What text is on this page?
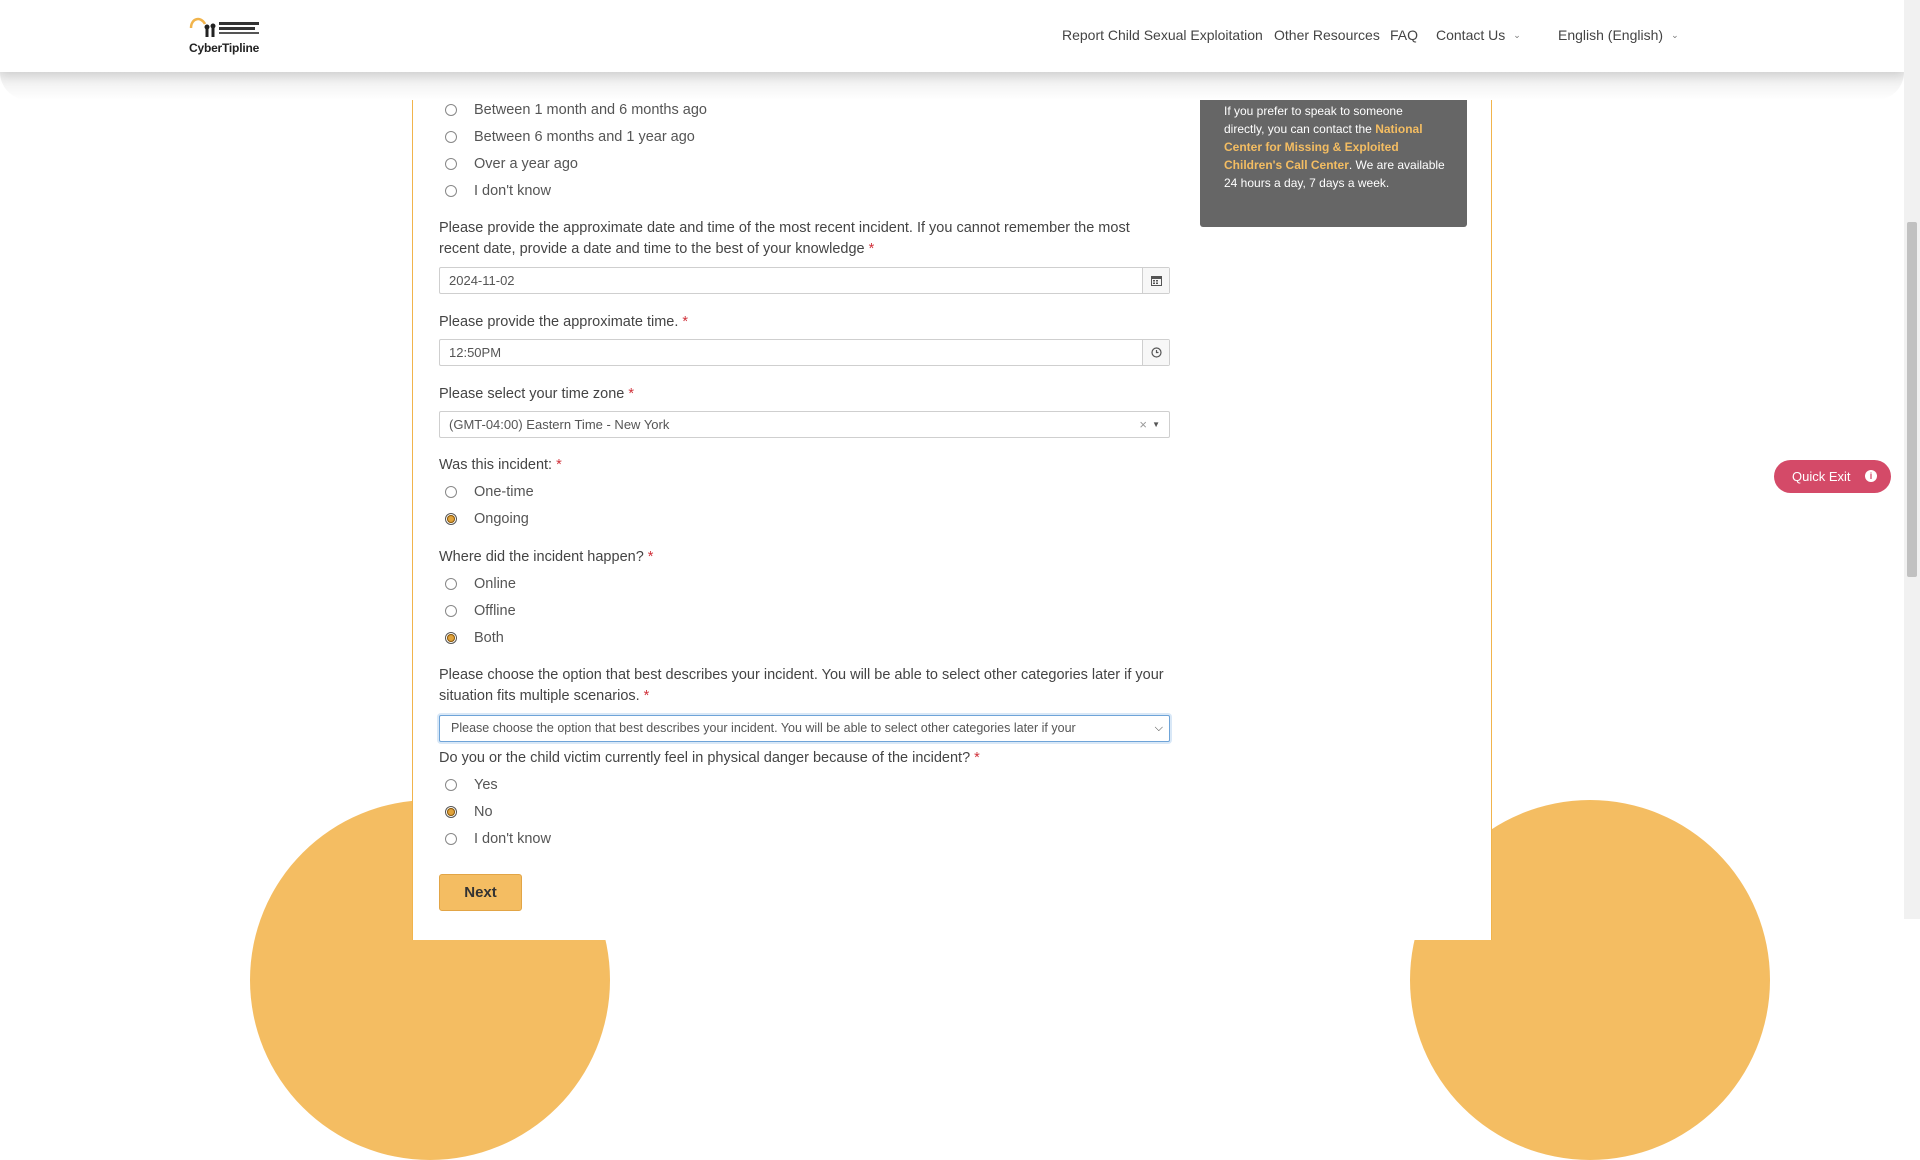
CyberTipline
Report Child Sexual Exploitation Other Resources FAQ Contact Us ⌄	English (English) ⌄
Between 1 month and 6 months ago
Between 6 months and 1 year ago
Over a year ago
I don't know
Please provide the approximate date and time of the most recent incident. If you cannot remember the most recent date, provide a date and time to the best of your knowledge *
2024-11-02
Please provide the approximate time. *
12:50PM
Please select your time zone *
(GMT-04:00) Eastern Time - New York	× ▼
Was this incident: *
One-time
Ongoing
Where did the incident happen? *
Online
Offline
Both
Please choose the option that best describes your incident. You will be able to select other categories later if your situation fits multiple scenarios. *
Please choose the option that best describes your incident. You will be able to select other categories later if your	⌵
Do you or the child victim currently feel in physical danger because of the incident? *
Yes
No
I don't know
Next
If you prefer to speak to someone directly, you can contact the National Center for Missing & Exploited Children's Call Center. We are available 24 hours a day, 7 days a week.
Quick Exit	i
